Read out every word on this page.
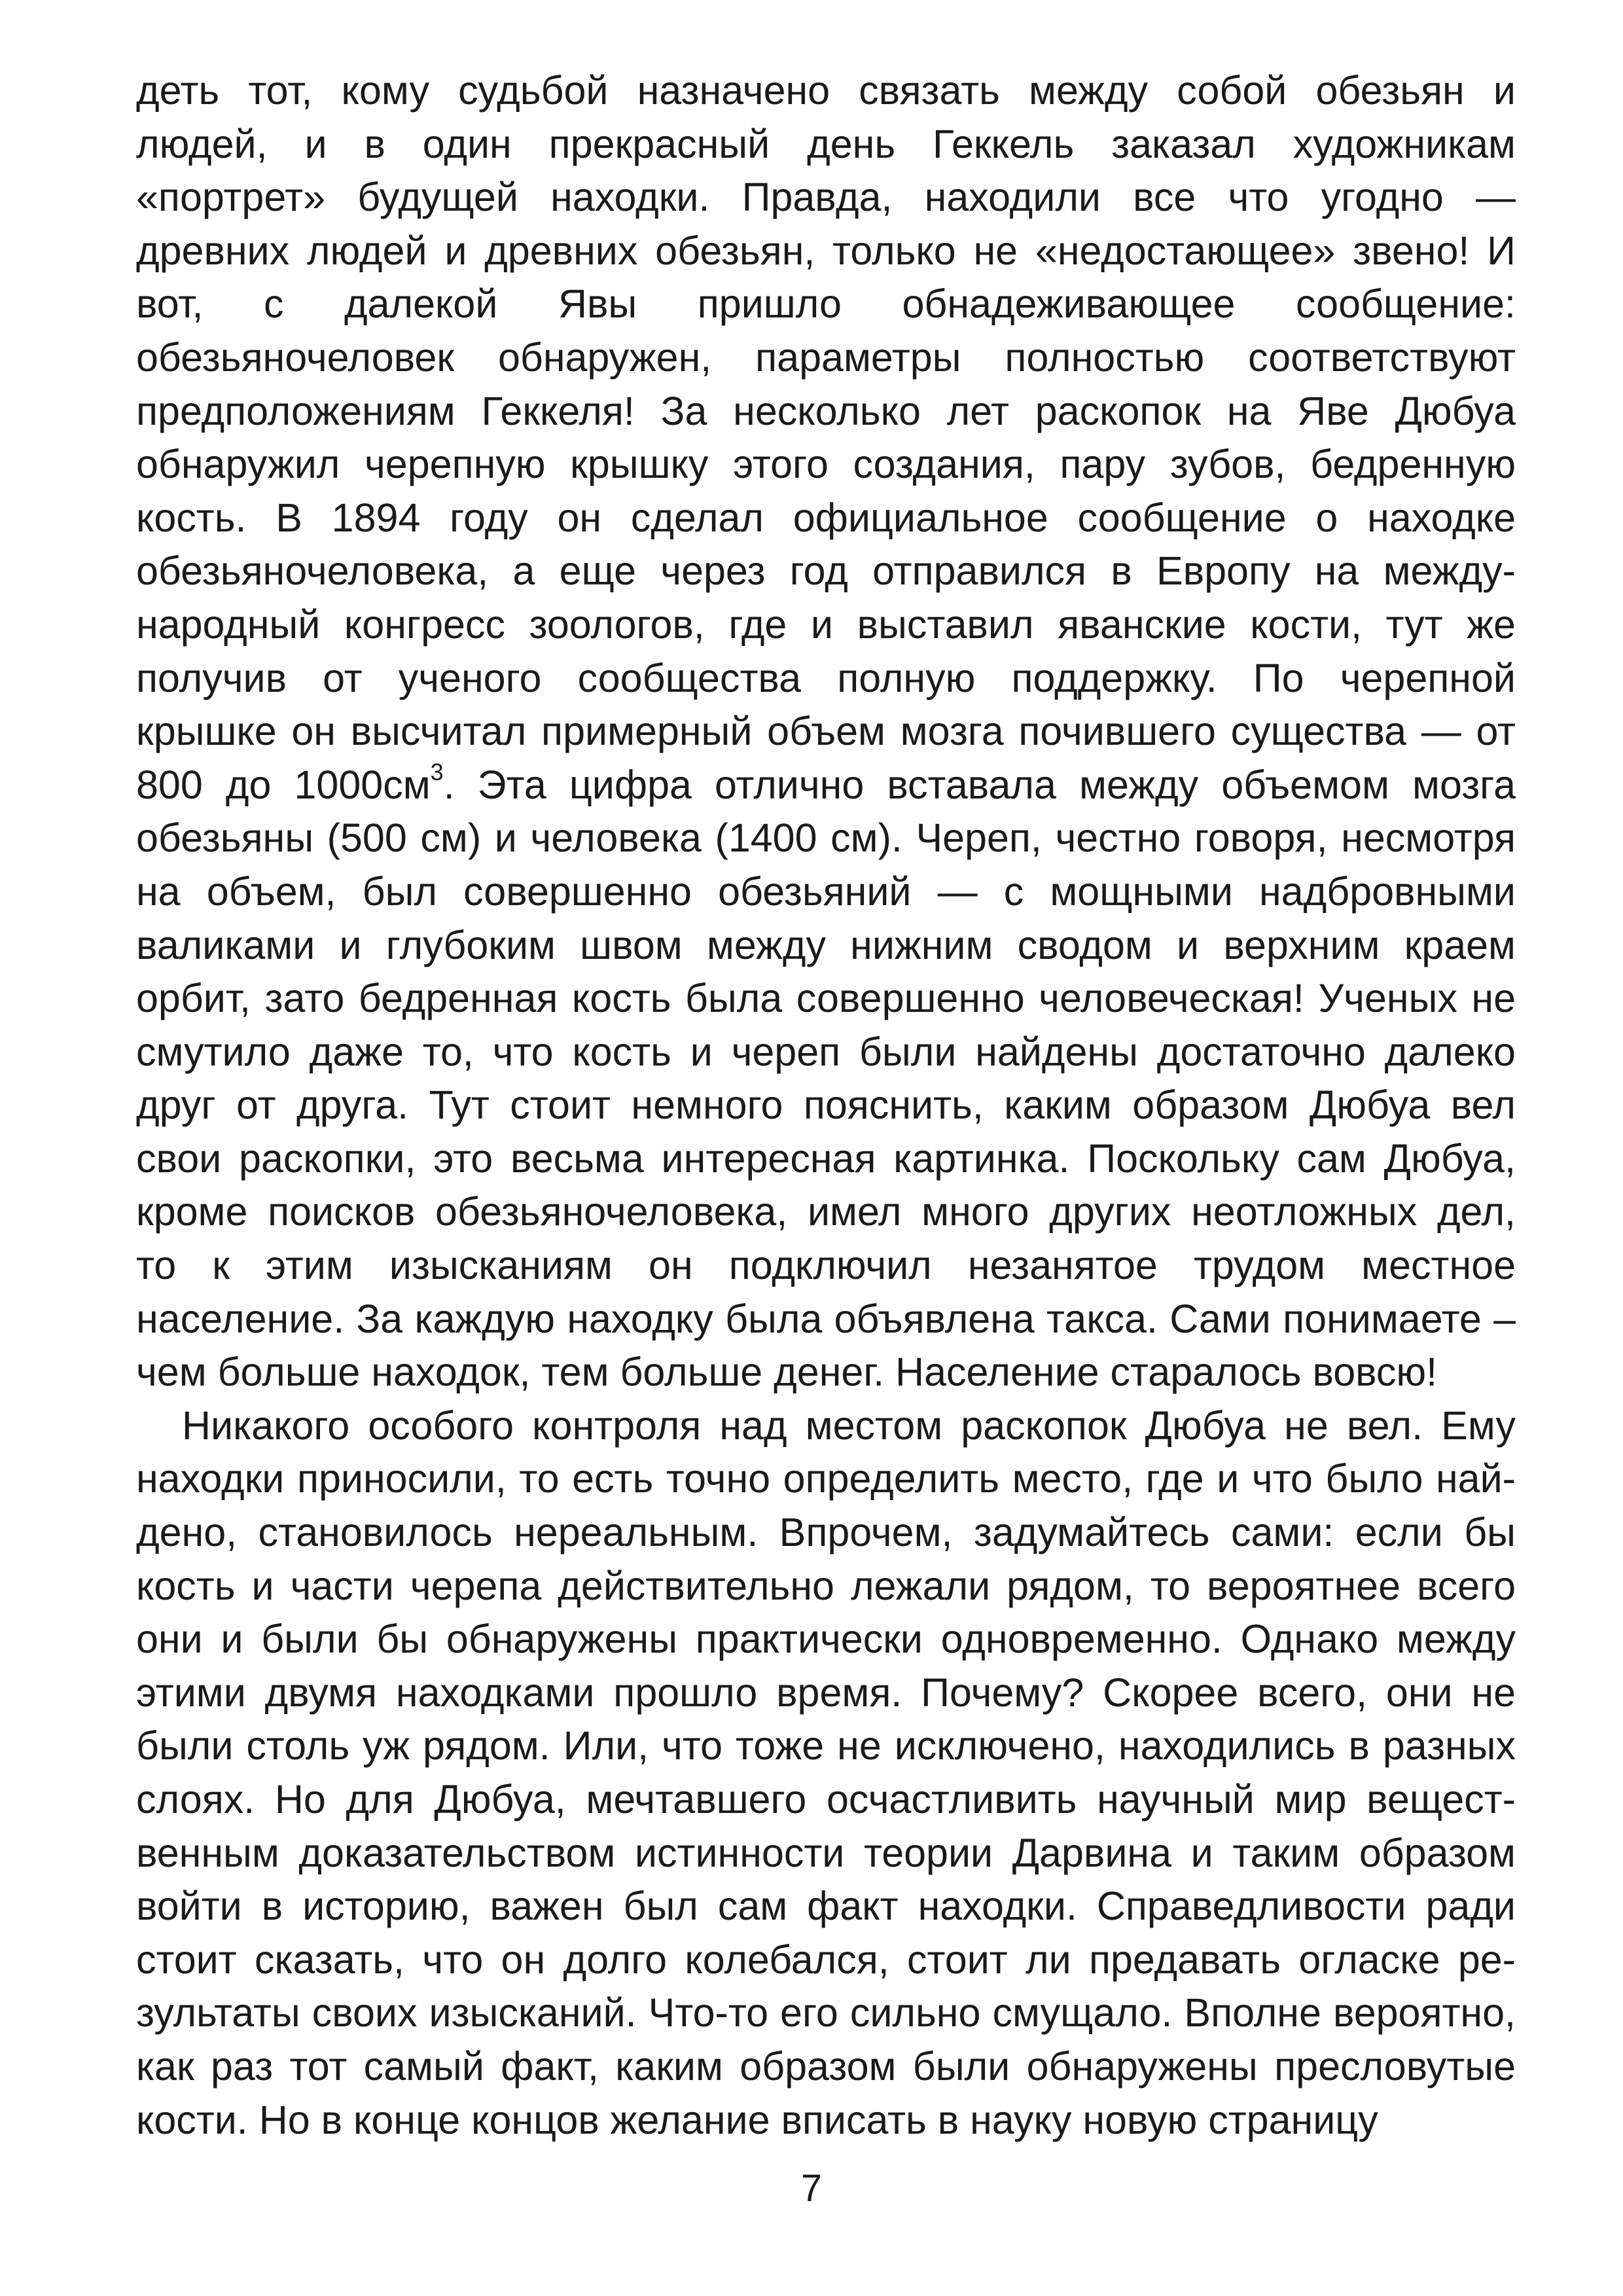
деть тот, кому судьбой назначено связать между собой обезьян и
людей, и в один прекрасный день Геккель заказал художникам
«портрет» будущей находки. Правда, находили все что угодно —
древних людей и древних обезьян, только не «недостающее» звено! И
вот, с далекой Явы пришло обнадеживающее сообщение:
обезьяночеловек обнаружен, параметры полностью соответствуют
предположениям Геккеля! За несколько лет раскопок на Яве Дюбуа
обнаружил черепную крышку этого создания, пару зубов, бедренную
кость. В 1894 году он сделал официальное сообщение о находке
обезьяночеловека, а еще через год отправился в Европу на между-
народный конгресс зоологов, где и выставил яванские кости, тут же
получив от ученого сообщества полную поддержку. По черепной
крышке он высчитал примерный объем мозга почившего существа — от
800 до $1000см^3$. Эта цифра отлично вставала между объемом мозга
обезьяны (500 см) и человека (1400 см). Череп, честно говоря, несмотря
на объем, был совершенно обезьяний — с мощными надбровными
валиками и глубоким швом между нижним сводом и верхним краем
орбит, зато бедренная кость была совершенно человеческая! Ученых не
смутило даже то, что кость и череп были найдены достаточно далеко
друг от друга. Тут стоит немного пояснить, каким образом Дюбуа вел
свои раскопки, это весьма интересная картинка. Поскольку сам Дюбуа,
кроме поисков обезьяночеловека, имел много других неотложных дел,
то к этим изысканиям он подключил незанятое трудом местное
население. За каждую находку была объявлена такса. Сами понимаете –
чем больше находок, тем больше денег. Население старалось вовсю!
Никакого особого контроля над местом раскопок Дюбуа не вел. Ему
находки приносили, то есть точно определить место, где и что было най-
дено, становилось нереальным. Впрочем, задумайтесь сами: если бы
кость и части черепа действительно лежали рядом, то вероятнее всего
они и были бы обнаружены практически одновременно. Однако между
этими двумя находками прошло время. Почему? Скорее всего, они не
были столь уж рядом. Или, что тоже не исключено, находились в разных
слоях. Но для Дюбуа, мечтавшего осчастливить научный мир вещест-
венным доказательством истинности теории Дарвина и таким образом
войти в историю, важен был сам факт находки. Справедливости ради
стоит сказать, что он долго колебался, стоит ли предавать огласке ре-
зультаты своих изысканий. Что-то его сильно смущало. Вполне вероятно,
как раз тот самый факт, каким образом были обнаружены пресловутые
кости. Но в конце концов желание вписать в науку новую страницу
7
